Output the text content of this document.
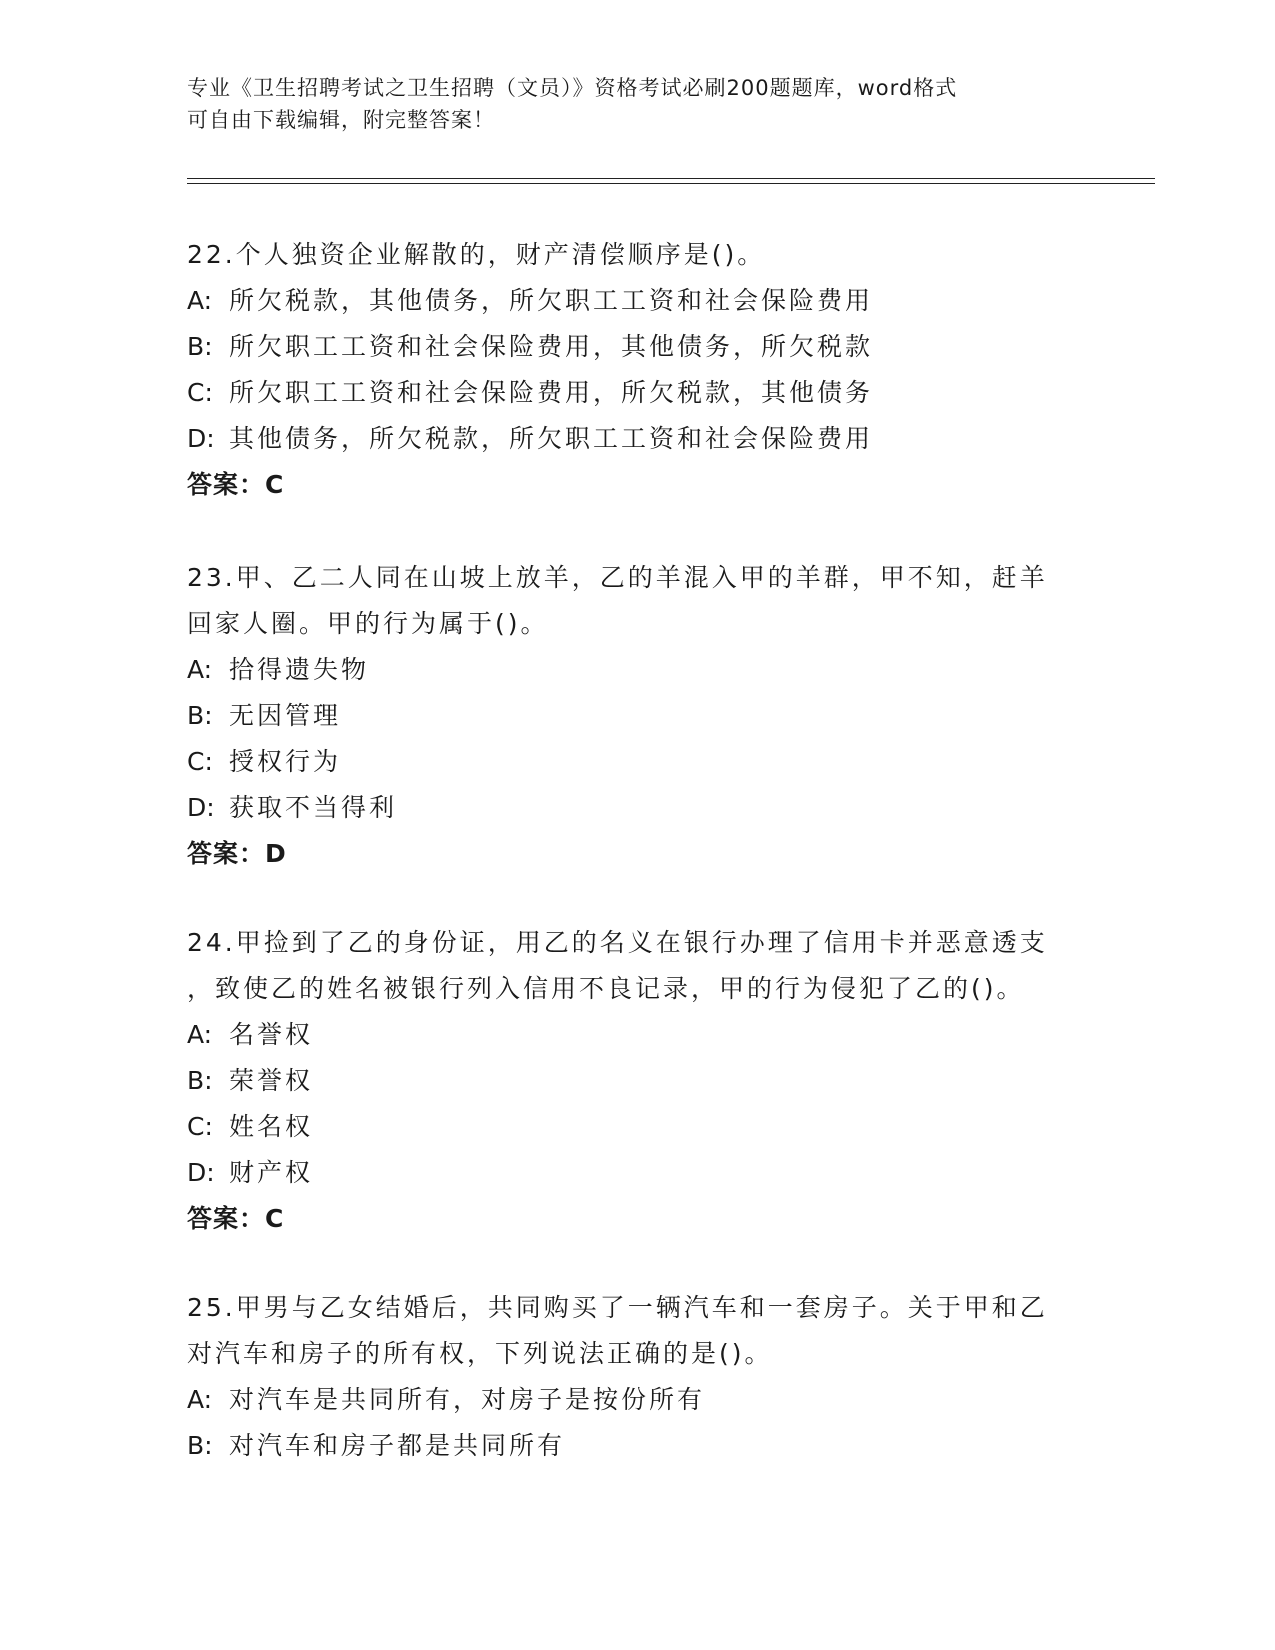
专业《卫生招聘考试之卫生招聘（文员）》资格考试必刷200题题库，word格式
可自由下载编辑，附完整答案！

22.个人独资企业解散的，财产清偿顺序是()。

A: 所欠税款，其他债务，所欠职工工资和社会保险费用

B: 所欠职工工资和社会保险费用，其他债务，所欠税款

C: 所欠职工工资和社会保险费用，所欠税款，其他债务

D: 其他债务，所欠税款，所欠职工工资和社会保险费用

答案：C

23.甲、乙二人同在山坡上放羊，乙的羊混入甲的羊群，甲不知，赶羊

回家人圈。甲的行为属于()。

A: 拾得遗失物

B: 无因管理

C: 授权行为

D: 获取不当得利

答案：D

24.甲捡到了乙的身份证，用乙的名义在银行办理了信用卡并恶意透支

，致使乙的姓名被银行列入信用不良记录，甲的行为侵犯了乙的()。

A: 名誉权

B: 荣誉权

C: 姓名权

D: 财产权

答案：C

25.甲男与乙女结婚后，共同购买了一辆汽车和一套房子。关于甲和乙

对汽车和房子的所有权，下列说法正确的是()。

A: 对汽车是共同所有，对房子是按份所有

B: 对汽车和房子都是共同所有
